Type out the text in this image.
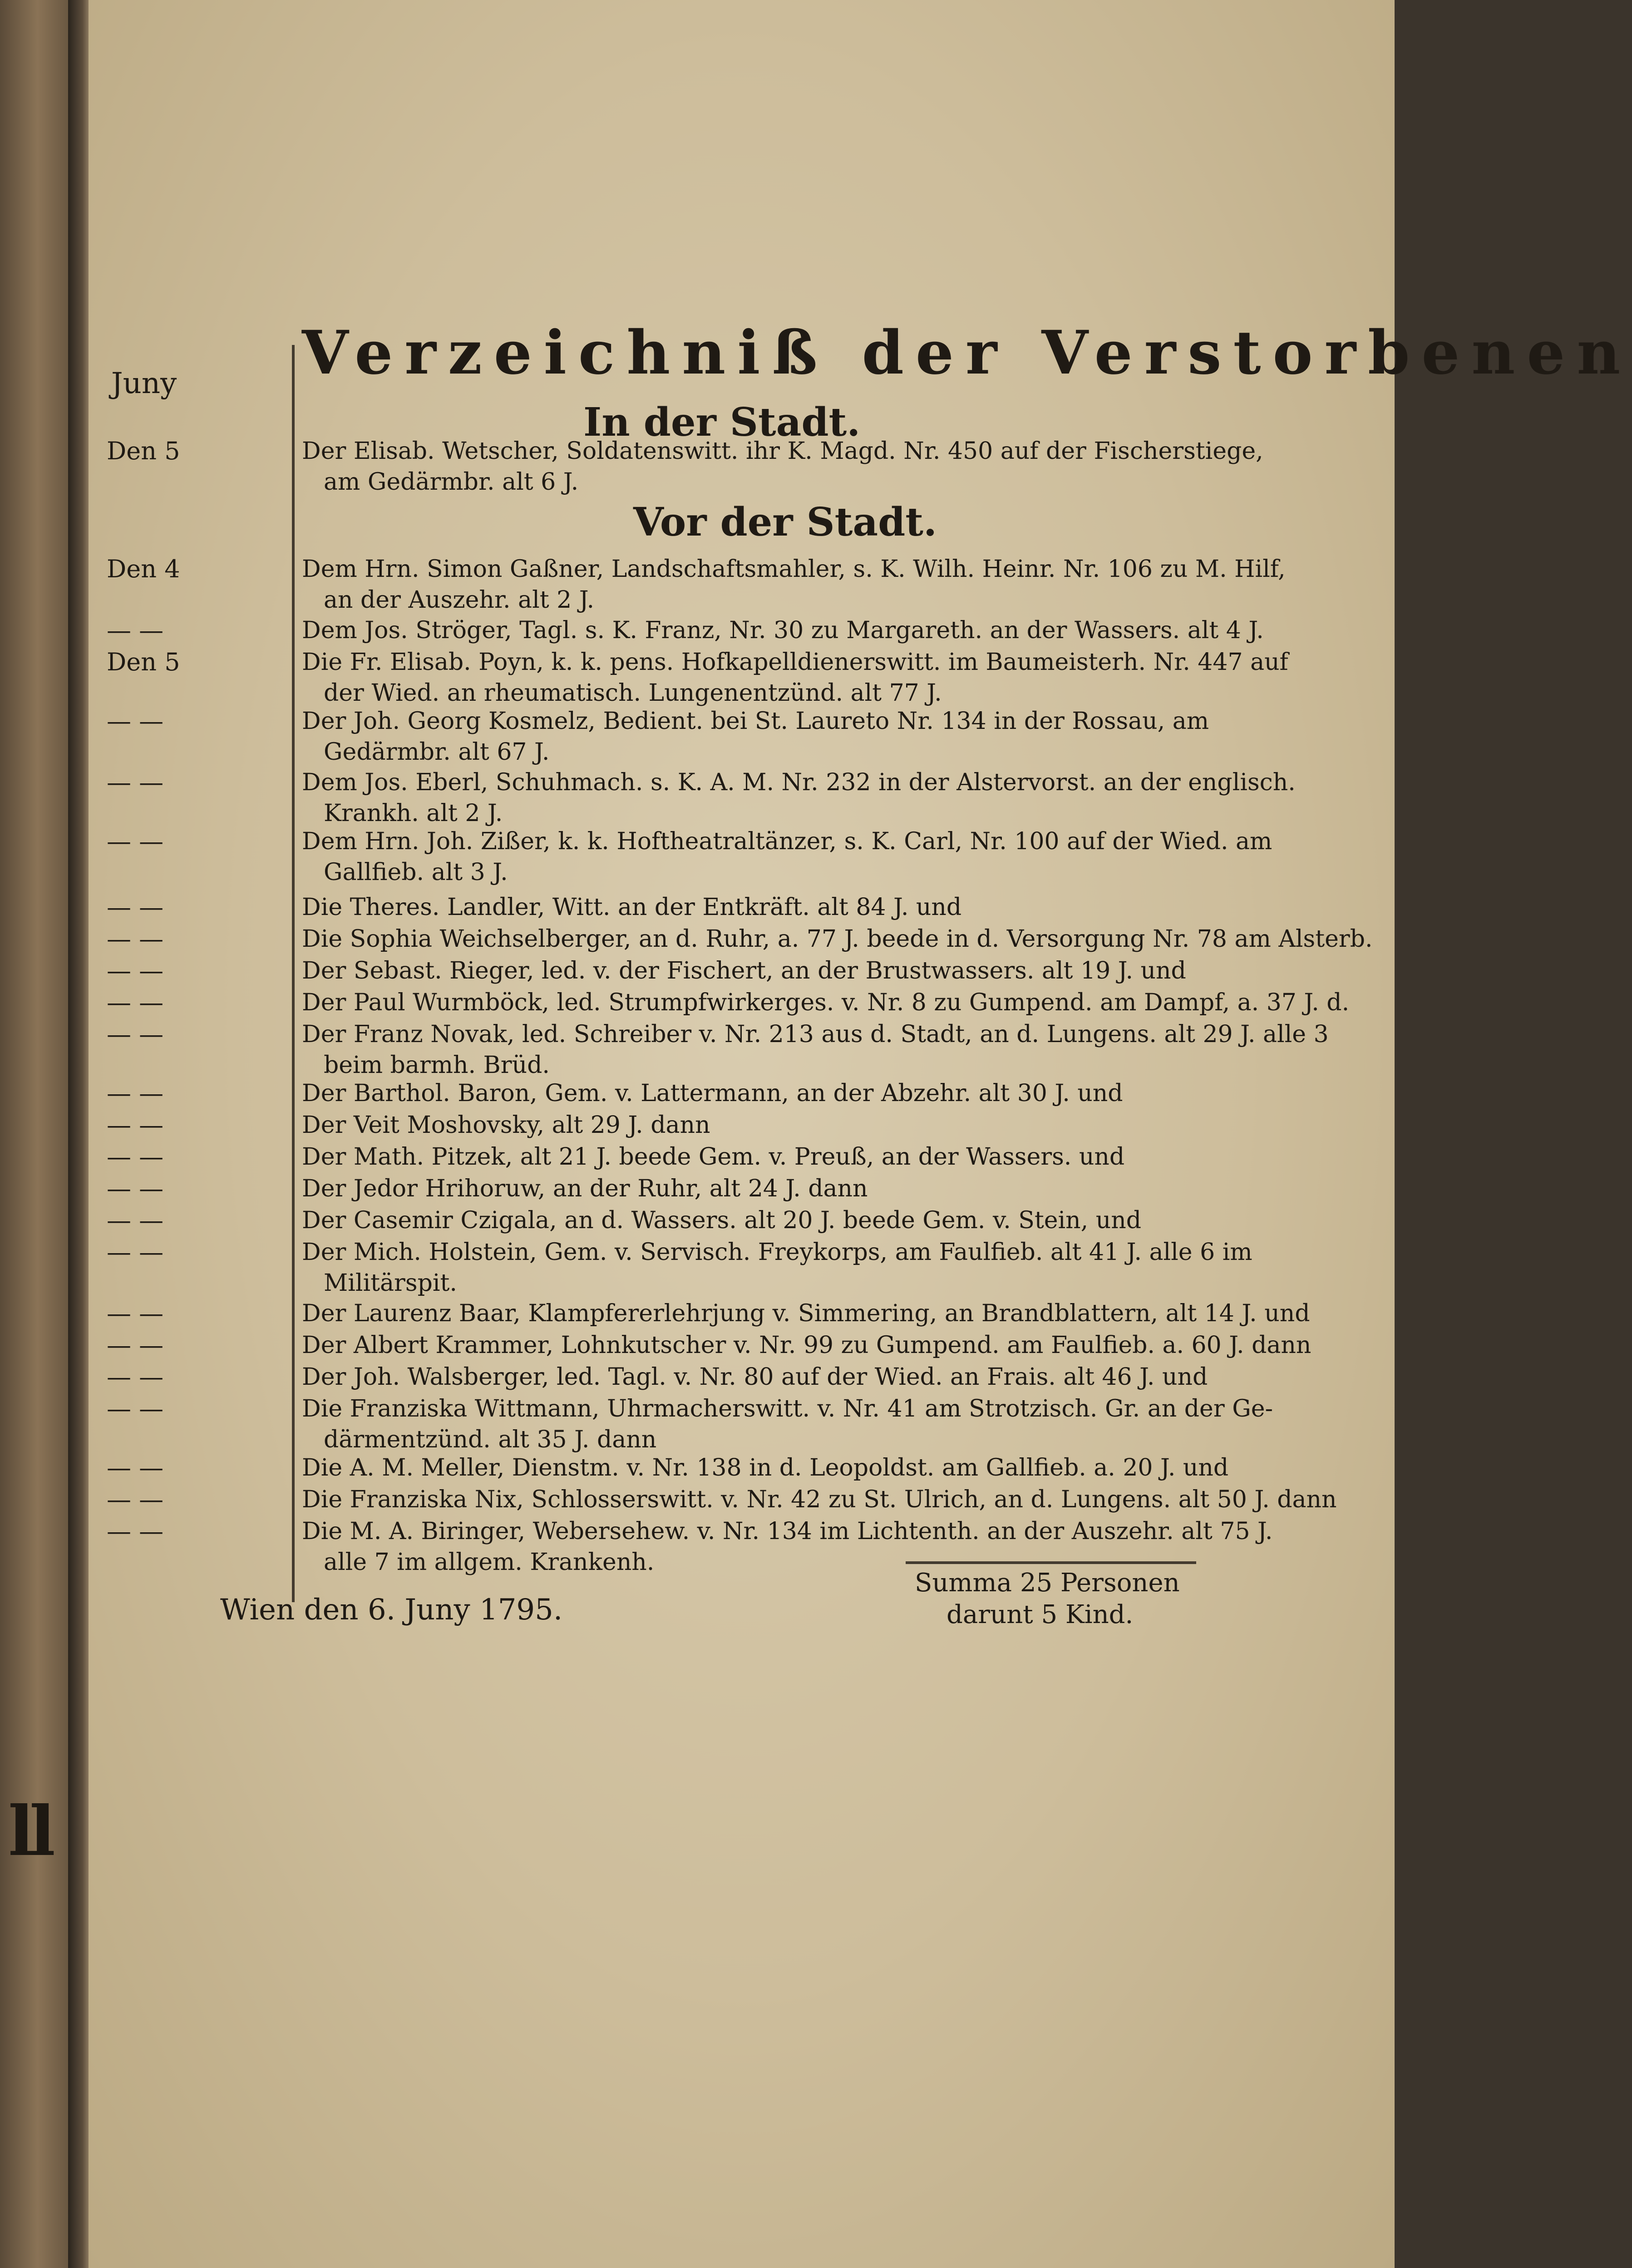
ll
Juny Verzeichniß der Verstorbenen
In der Stadt.
Vor der Stadt.
Den 5	Der Elisab. Wetscher, Soldatenswitt. ihr K. Magd. Nr. 450 auf der Fischerstiege,

am Gedärmbr. alt 6 J.

Den 4	Dem Hrn. Simon Gaßner, Landschaftsmahler, s. K. Wilh. Heinr. Nr. 106 zu M. Hilf,

an der Auszehr. alt 2 J.

— —	Dem Jos. Ströger, Tagl. s. K. Franz, Nr. 30 zu Margareth. an der Wassers. alt 4 J.

Den 5	Die Fr. Elisab. Poyn, k. k. pens. Hofkapelldienerswitt. im Baumeisterh. Nr. 447 auf

der Wied. an rheumatisch. Lungenentzünd. alt 77 J.

— —	Der Joh. Georg Kosmelz, Bedient. bei St. Laureto Nr. 134 in der Rossau, am

Gedärmbr. alt 67 J.

— —	Dem Jos. Eberl, Schuhmach. s. K. A. M. Nr. 232 in der Alstervorst. an der englisch.

Krankh. alt 2 J.

— —	Dem Hrn. Joh. Zißer, k. k. Hoftheatraltänzer, s. K. Carl, Nr. 100 auf der Wied. am

Gallfieb. alt 3 J.

— —	Die Theres. Landler, Witt. an der Entkräft. alt 84 J. und

— —	Die Sophia Weichselberger, an d. Ruhr, a. 77 J. beede in d. Versorgung Nr. 78 am Alsterb.

— —	Der Sebast. Rieger, led. v. der Fischert, an der Brustwassers. alt 19 J. und

— —	Der Paul Wurmböck, led. Strumpfwirkerges. v. Nr. 8 zu Gumpend. am Dampf, a. 37 J. d.

— —	Der Franz Novak, led. Schreiber v. Nr. 213 aus d. Stadt, an d. Lungens. alt 29 J. alle 3

beim barmh. Brüd.

— —	Der Barthol. Baron, Gem. v. Lattermann, an der Abzehr. alt 30 J. und

— —	Der Veit Moshovsky, alt 29 J. dann

— —	Der Math. Pitzek, alt 21 J. beede Gem. v. Preuß, an der Wassers. und

— —	Der Jedor Hrihoruw, an der Ruhr, alt 24 J. dann

— —	Der Casemir Czigala, an d. Wassers. alt 20 J. beede Gem. v. Stein, und

— —	Der Mich. Holstein, Gem. v. Servisch. Freykorps, am Faulfieb. alt 41 J. alle 6 im

Militärspit.

— —	Der Laurenz Baar, Klampfererlehrjung v. Simmering, an Brandblattern, alt 14 J. und

— —	Der Albert Krammer, Lohnkutscher v. Nr. 99 zu Gumpend. am Faulfieb. a. 60 J. dann

— —	Der Joh. Walsberger, led. Tagl. v. Nr. 80 auf der Wied. an Frais. alt 46 J. und

— —	Die Franziska Wittmann, Uhrmacherswitt. v. Nr. 41 am Strotzisch. Gr. an der Ge-

därmentzünd. alt 35 J. dann

— —	Die A. M. Meller, Dienstm. v. Nr. 138 in d. Leopoldst. am Gallfieb. a. 20 J. und

— —	Die Franziska Nix, Schlosserswitt. v. Nr. 42 zu St. Ulrich, an d. Lungens. alt 50 J. dann

— —	Die M. A. Biringer, Webersehew. v. Nr. 134 im Lichtenth. an der Auszehr. alt 75 J.

alle 7 im allgem. Krankenh.

Wien den 6. Juny 1795.
Summa 25 Personen
darunt 5 Kind.
